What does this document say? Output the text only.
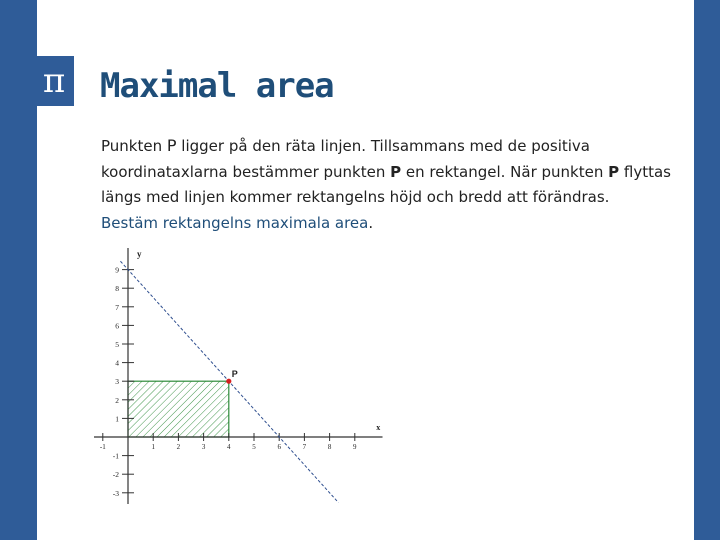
π Maximal area
Punkten P ligger på den räta linjen. Tillsammans med de positiva koordinataxlarna bestämmer punkten P en rektangel. När punkten P flyttas längs med linjen kommer rektangelns höjd och bredd att förändras. Bestäm rektangelns maximala area.
-1	1	2	3	4	5	6	7	8	9
9
8
7
6
5
4
3
2
1
-1
-2
-3
x
y
P
